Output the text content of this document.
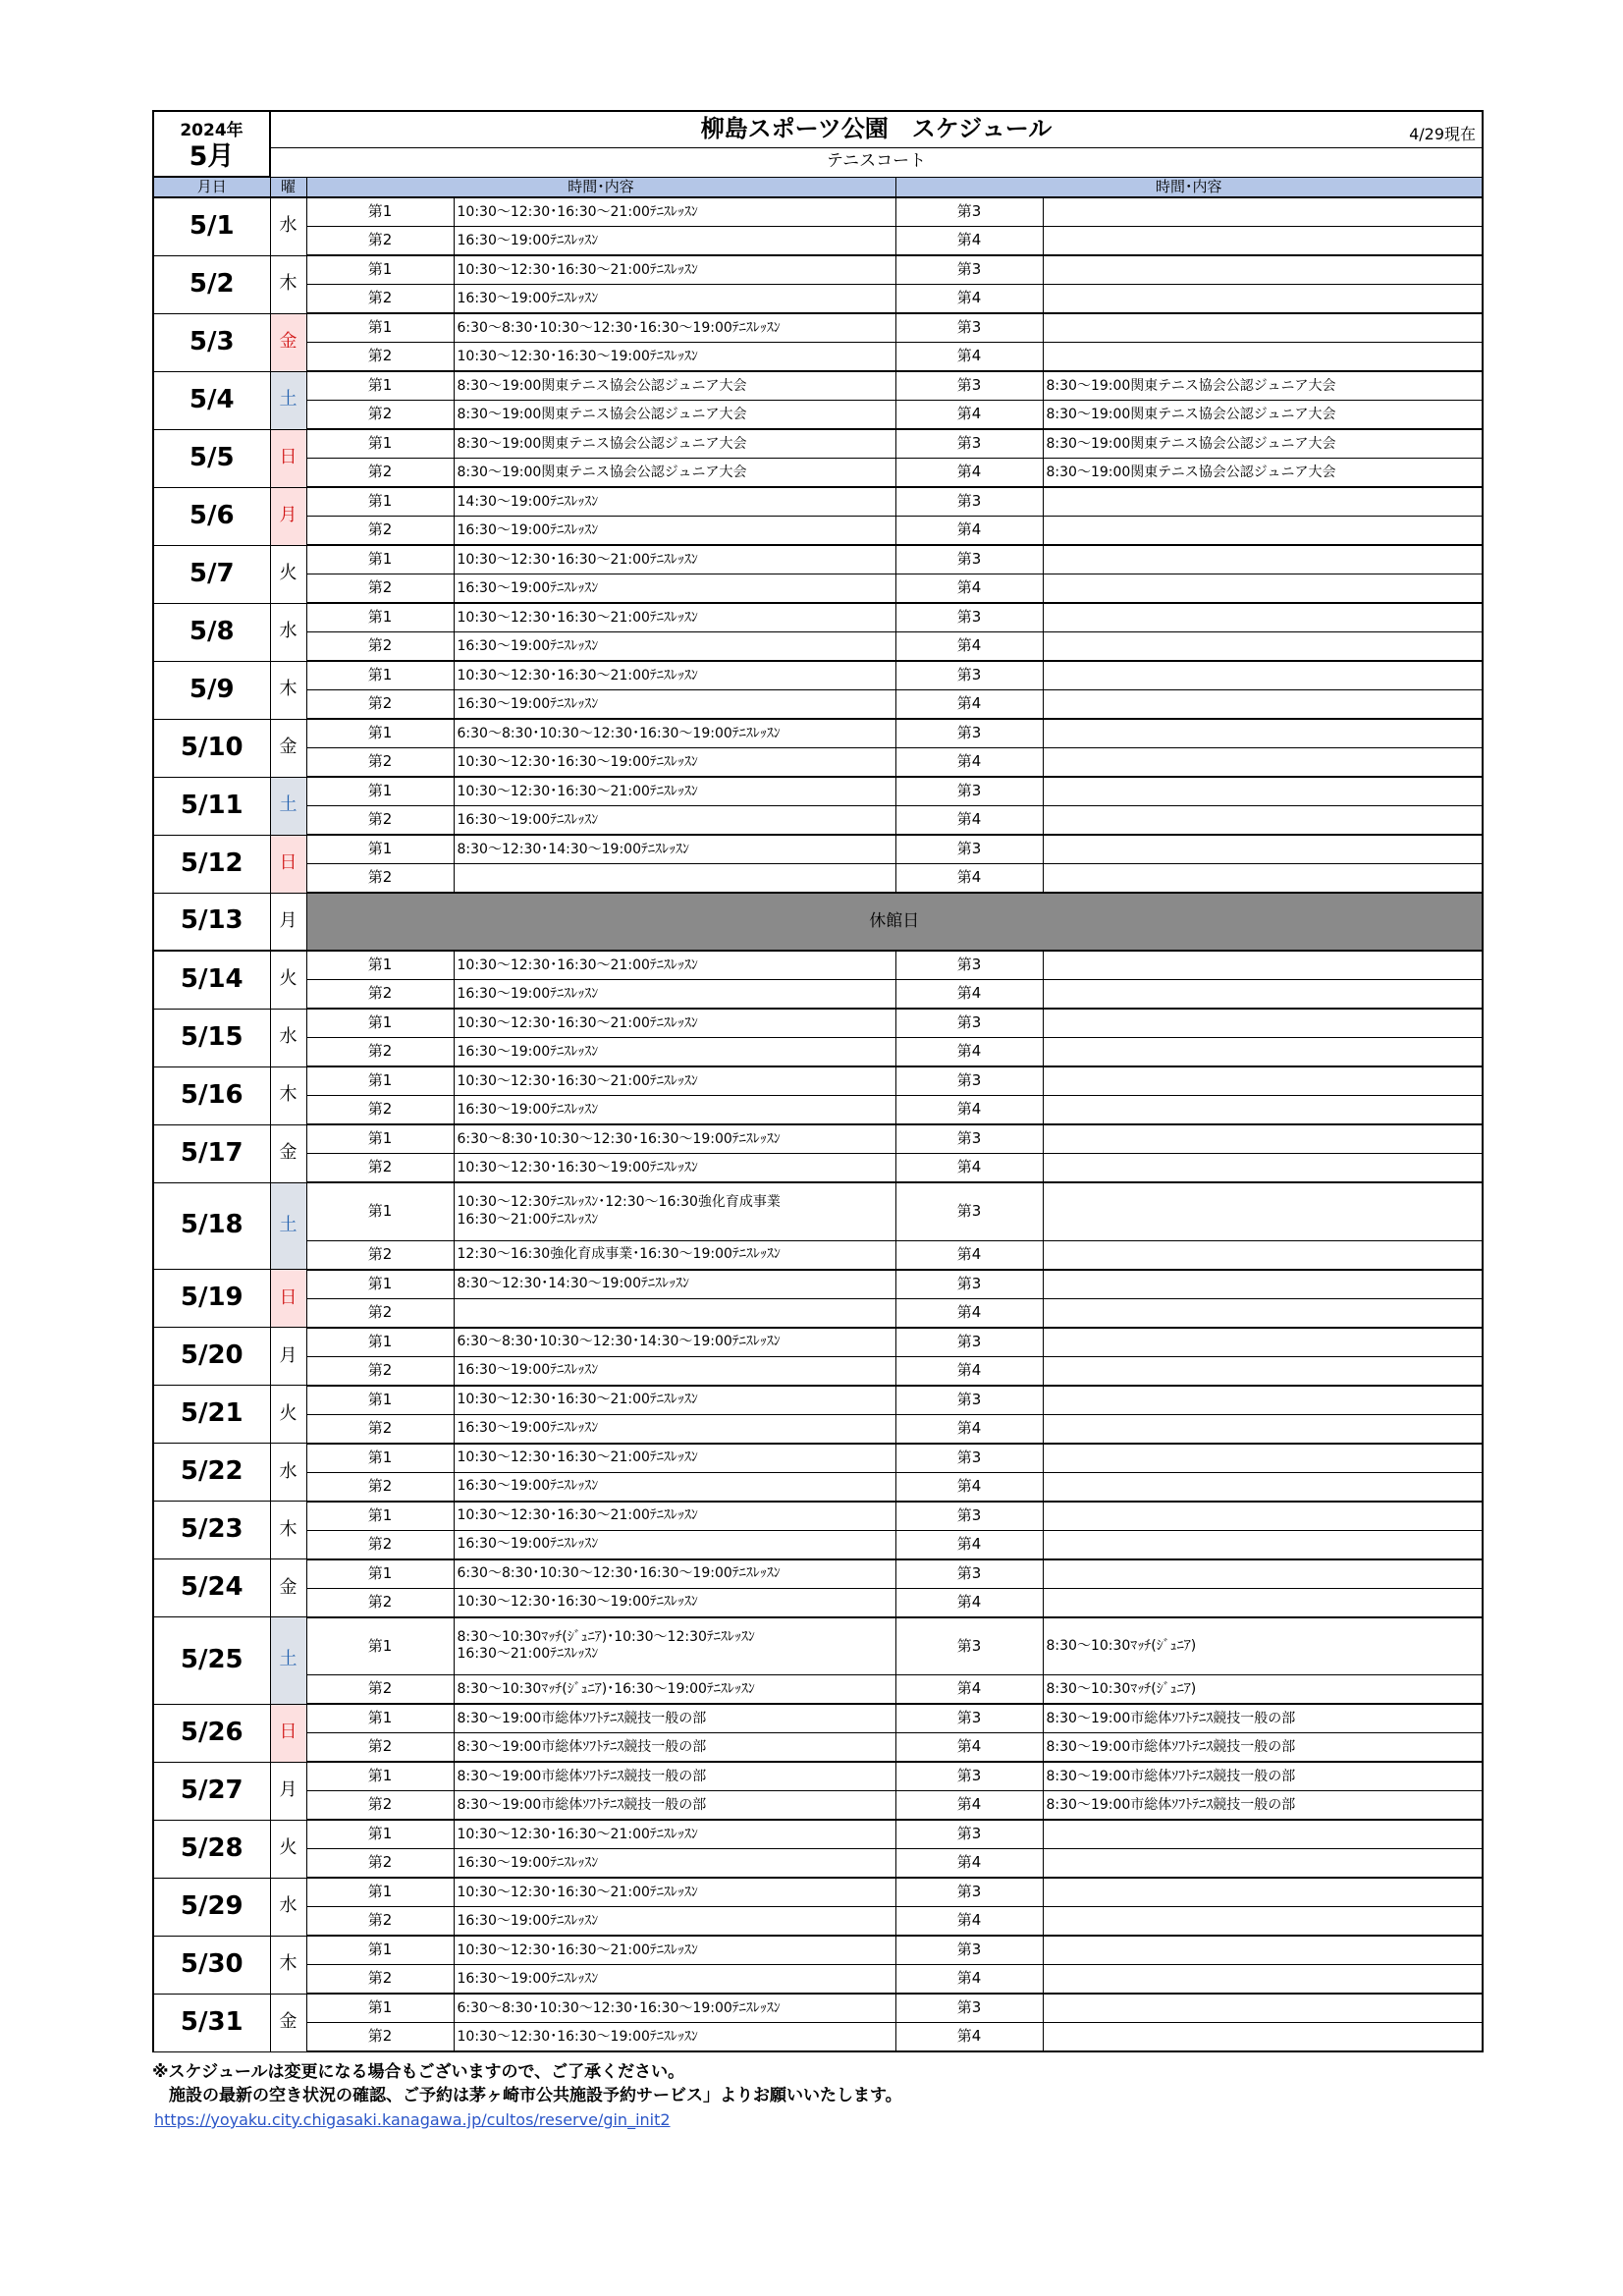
2024年
5月	柳島スポーツ公園　スケジュール 4/29現在				

	テニスコート				
月日	曜	時間･内容		時間･内容	
5/1	水	第1	10:30～12:30･16:30～21:00ﾃﾆｽﾚｯｽﾝ	第3	
		第2	16:30～19:00ﾃﾆｽﾚｯｽﾝ	第4	
5/2	木	第1	10:30～12:30･16:30～21:00ﾃﾆｽﾚｯｽﾝ	第3	
		第2	16:30～19:00ﾃﾆｽﾚｯｽﾝ	第4	
5/3	金	第1	6:30～8:30･10:30～12:30･16:30～19:00ﾃﾆｽﾚｯｽﾝ	第3	
		第2	10:30～12:30･16:30～19:00ﾃﾆｽﾚｯｽﾝ	第4	
5/4	土	第1	8:30～19:00関東テニス協会公認ジュニア大会	第3	8:30～19:00関東テニス協会公認ジュニア大会
		第2	8:30～19:00関東テニス協会公認ジュニア大会	第4	8:30～19:00関東テニス協会公認ジュニア大会
5/5	日	第1	8:30～19:00関東テニス協会公認ジュニア大会	第3	8:30～19:00関東テニス協会公認ジュニア大会
		第2	8:30～19:00関東テニス協会公認ジュニア大会	第4	8:30～19:00関東テニス協会公認ジュニア大会
5/6	月	第1	14:30～19:00ﾃﾆｽﾚｯｽﾝ	第3	
		第2	16:30～19:00ﾃﾆｽﾚｯｽﾝ	第4	
5/7	火	第1	10:30～12:30･16:30～21:00ﾃﾆｽﾚｯｽﾝ	第3	
		第2	16:30～19:00ﾃﾆｽﾚｯｽﾝ	第4	
5/8	水	第1	10:30～12:30･16:30～21:00ﾃﾆｽﾚｯｽﾝ	第3	
		第2	16:30～19:00ﾃﾆｽﾚｯｽﾝ	第4	
5/9	木	第1	10:30～12:30･16:30～21:00ﾃﾆｽﾚｯｽﾝ	第3	
		第2	16:30～19:00ﾃﾆｽﾚｯｽﾝ	第4	
5/10	金	第1	6:30～8:30･10:30～12:30･16:30～19:00ﾃﾆｽﾚｯｽﾝ	第3	
		第2	10:30～12:30･16:30～19:00ﾃﾆｽﾚｯｽﾝ	第4	
5/11	土	第1	10:30～12:30･16:30～21:00ﾃﾆｽﾚｯｽﾝ	第3	
		第2	16:30～19:00ﾃﾆｽﾚｯｽﾝ	第4	
5/12	日	第1	8:30～12:30･14:30～19:00ﾃﾆｽﾚｯｽﾝ	第3	
		第2		第4	
5/13	月	休館日			
5/14	火	第1	10:30～12:30･16:30～21:00ﾃﾆｽﾚｯｽﾝ	第3	
		第2	16:30～19:00ﾃﾆｽﾚｯｽﾝ	第4	
5/15	水	第1	10:30～12:30･16:30～21:00ﾃﾆｽﾚｯｽﾝ	第3	
		第2	16:30～19:00ﾃﾆｽﾚｯｽﾝ	第4	
5/16	木	第1	10:30～12:30･16:30～21:00ﾃﾆｽﾚｯｽﾝ	第3	
		第2	16:30～19:00ﾃﾆｽﾚｯｽﾝ	第4	
5/17	金	第1	6:30～8:30･10:30～12:30･16:30～19:00ﾃﾆｽﾚｯｽﾝ	第3	
		第2	10:30～12:30･16:30～19:00ﾃﾆｽﾚｯｽﾝ	第4	
5/18	土	第1	10:30～12:30ﾃﾆｽﾚｯｽﾝ･12:30～16:30強化育成事業
16:30～21:00ﾃﾆｽﾚｯｽﾝ	第3	
		第2	12:30～16:30強化育成事業･16:30～19:00ﾃﾆｽﾚｯｽﾝ	第4	
5/19	日	第1	8:30～12:30･14:30～19:00ﾃﾆｽﾚｯｽﾝ	第3	
		第2		第4	
5/20	月	第1	6:30～8:30･10:30～12:30･14:30～19:00ﾃﾆｽﾚｯｽﾝ	第3	
		第2	16:30～19:00ﾃﾆｽﾚｯｽﾝ	第4	
5/21	火	第1	10:30～12:30･16:30～21:00ﾃﾆｽﾚｯｽﾝ	第3	
		第2	16:30～19:00ﾃﾆｽﾚｯｽﾝ	第4	
5/22	水	第1	10:30～12:30･16:30～21:00ﾃﾆｽﾚｯｽﾝ	第3	
		第2	16:30～19:00ﾃﾆｽﾚｯｽﾝ	第4	
5/23	木	第1	10:30～12:30･16:30～21:00ﾃﾆｽﾚｯｽﾝ	第3	
		第2	16:30～19:00ﾃﾆｽﾚｯｽﾝ	第4	
5/24	金	第1	6:30～8:30･10:30～12:30･16:30～19:00ﾃﾆｽﾚｯｽﾝ	第3	
		第2	10:30～12:30･16:30～19:00ﾃﾆｽﾚｯｽﾝ	第4	
5/25	土	第1	8:30～10:30ﾏｯﾁ(ｼﾞｭﾆｱ)･10:30～12:30ﾃﾆｽﾚｯｽﾝ
16:30～21:00ﾃﾆｽﾚｯｽﾝ	第3	8:30～10:30ﾏｯﾁ(ｼﾞｭﾆｱ)
		第2	8:30～10:30ﾏｯﾁ(ｼﾞｭﾆｱ)･16:30～19:00ﾃﾆｽﾚｯｽﾝ	第4	8:30～10:30ﾏｯﾁ(ｼﾞｭﾆｱ)
5/26	日	第1	8:30～19:00市総体ｿﾌﾄﾃﾆｽ競技一般の部	第3	8:30～19:00市総体ｿﾌﾄﾃﾆｽ競技一般の部
		第2	8:30～19:00市総体ｿﾌﾄﾃﾆｽ競技一般の部	第4	8:30～19:00市総体ｿﾌﾄﾃﾆｽ競技一般の部
5/27	月	第1	8:30～19:00市総体ｿﾌﾄﾃﾆｽ競技一般の部	第3	8:30～19:00市総体ｿﾌﾄﾃﾆｽ競技一般の部
		第2	8:30～19:00市総体ｿﾌﾄﾃﾆｽ競技一般の部	第4	8:30～19:00市総体ｿﾌﾄﾃﾆｽ競技一般の部
5/28	火	第1	10:30～12:30･16:30～21:00ﾃﾆｽﾚｯｽﾝ	第3	
		第2	16:30～19:00ﾃﾆｽﾚｯｽﾝ	第4	
5/29	水	第1	10:30～12:30･16:30～21:00ﾃﾆｽﾚｯｽﾝ	第3	
		第2	16:30～19:00ﾃﾆｽﾚｯｽﾝ	第4	
5/30	木	第1	10:30～12:30･16:30～21:00ﾃﾆｽﾚｯｽﾝ	第3	
		第2	16:30～19:00ﾃﾆｽﾚｯｽﾝ	第4	
5/31	金	第1	6:30～8:30･10:30～12:30･16:30～19:00ﾃﾆｽﾚｯｽﾝ	第3	
		第2	10:30～12:30･16:30～19:00ﾃﾆｽﾚｯｽﾝ	第4	
※スケジュールは変更になる場合もございますので、ご了承ください。
　施設の最新の空き状況の確認、ご予約は茅ヶ崎市公共施設予約サービス」よりお願いいたします。
https://yoyaku.city.chigasaki.kanagawa.jp/cultos/reserve/gin_init2
